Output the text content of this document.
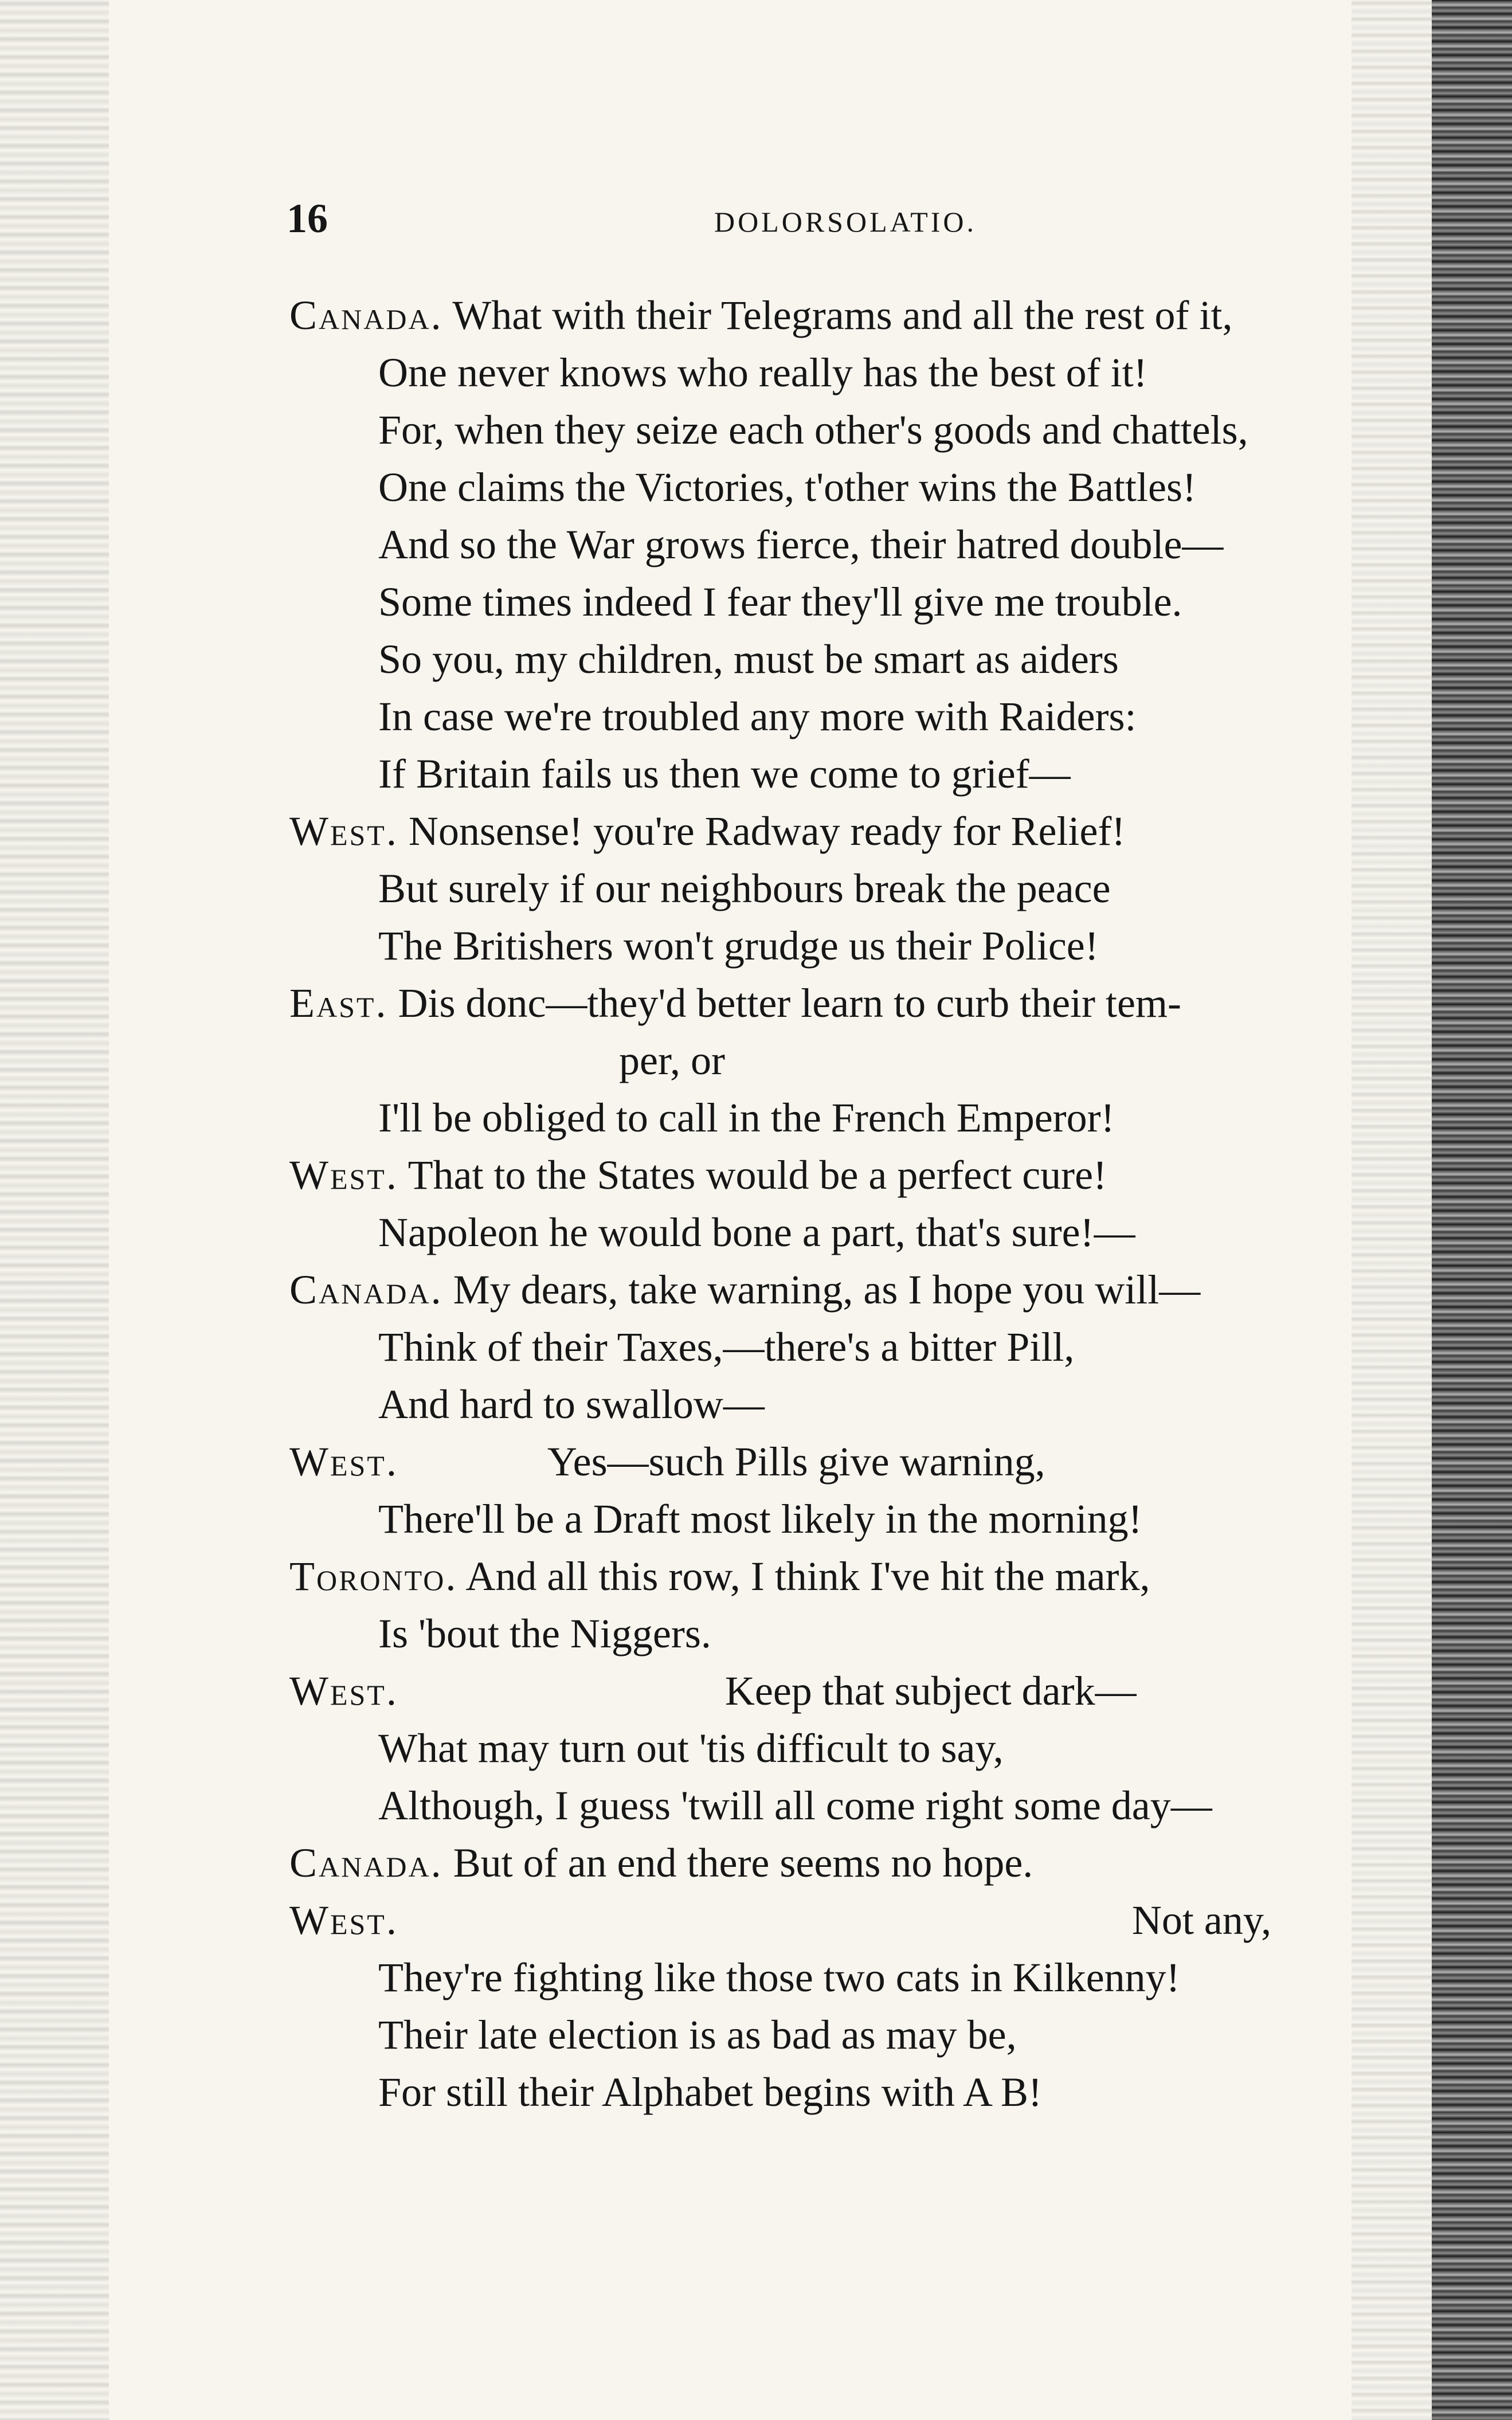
16	DOLORSOLATIO.
Canada. What with their Telegrams and all the rest of it,
One never knows who really has the best of it!
For, when they seize each other's goods and chattels,
One claims the Victories, t'other wins the Battles!
And so the War grows fierce, their hatred double—
Some times indeed I fear they'll give me trouble.
So you, my children, must be smart as aiders
In case we're troubled any more with Raiders:
If Britain fails us then we come to grief—
West. Nonsense! you're Radway ready for Relief!
But surely if our neighbours break the peace
The Britishers won't grudge us their Police!
East. Dis donc—they'd better learn to curb their tem-
per, or
I'll be obliged to call in the French Emperor!
West. That to the States would be a perfect cure!
Napoleon he would bone a part, that's sure!—
Canada. My dears, take warning, as I hope you will—
Think of their Taxes,—there's a bitter Pill,
And hard to swallow—
West.	Yes—such Pills give warning,
There'll be a Draft most likely in the morning!
Toronto. And all this row, I think I've hit the mark,
Is 'bout the Niggers.
West.	Keep that subject dark—
What may turn out 'tis difficult to say,
Although, I guess 'twill all come right some day—
Canada. But of an end there seems no hope.
West.	Not any,
They're fighting like those two cats in Kilkenny!
Their late election is as bad as may be,
For still their Alphabet begins with A B!
